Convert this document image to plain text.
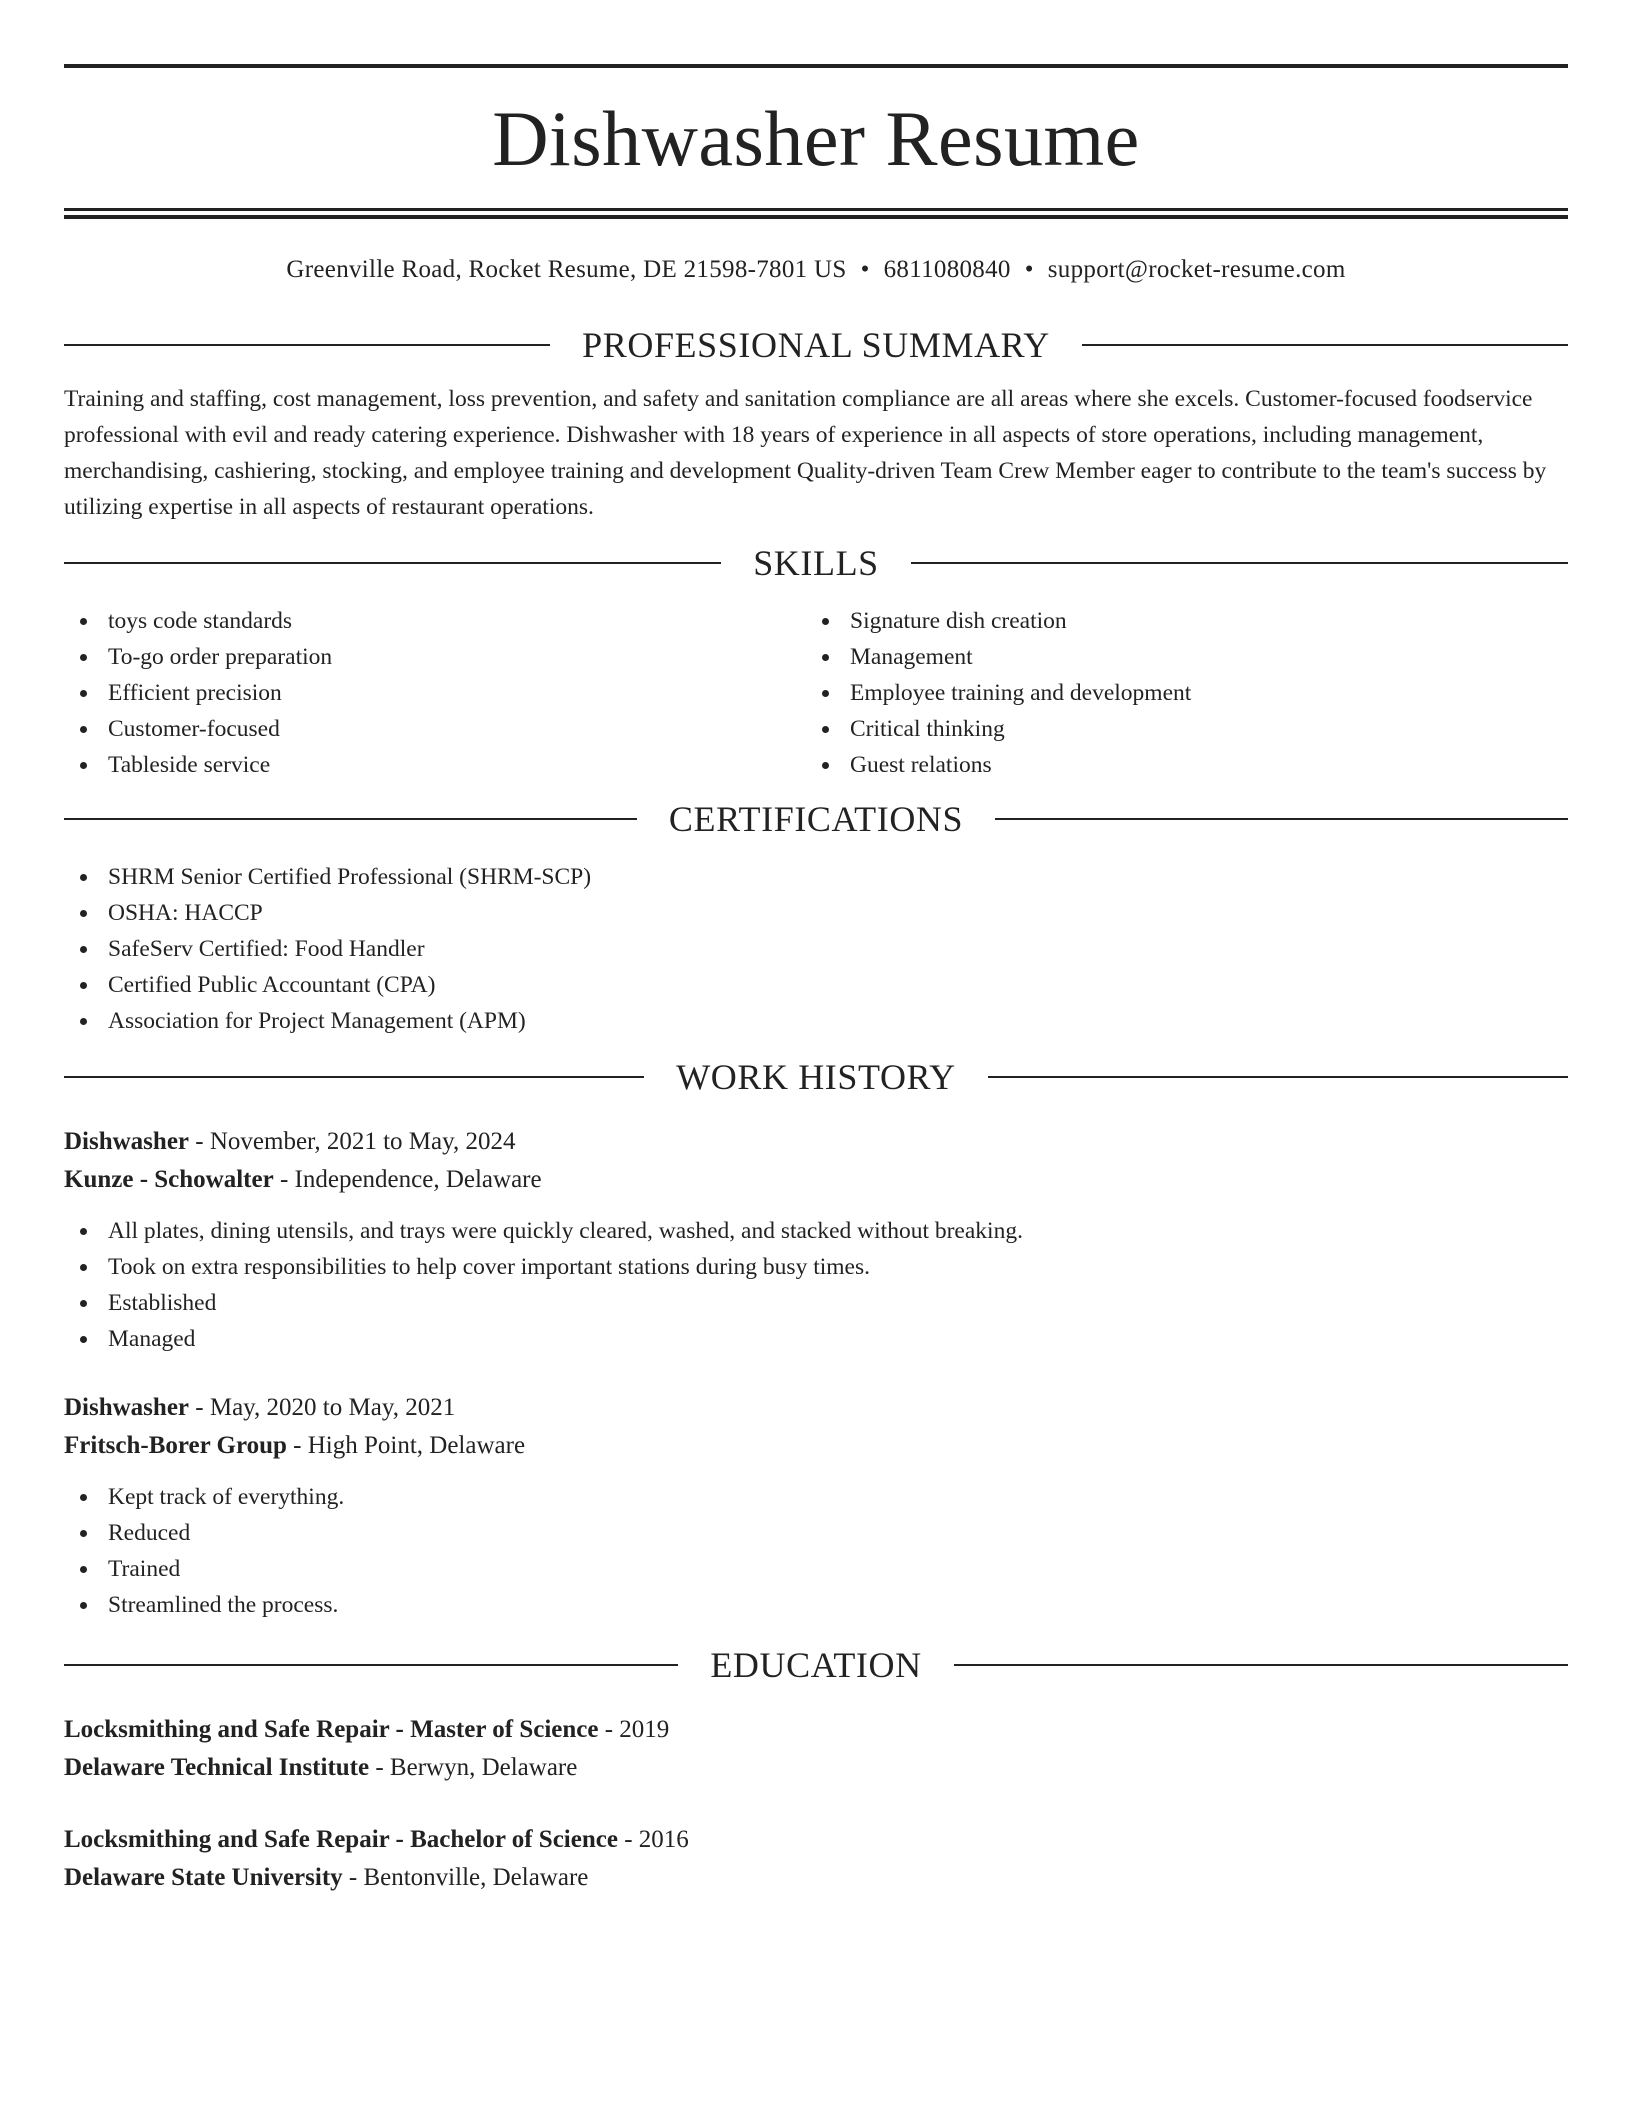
Dishwasher Resume
Greenville Road, Rocket Resume, DE 21598-7801 US • 6811080840 • support@rocket-resume.com
PROFESSIONAL SUMMARY

Training and staffing, cost management, loss prevention, and safety and sanitation compliance are all areas where she excels. Customer-focused foodservice professional with evil and ready catering experience. Dishwasher with 18 years of experience in all aspects of store operations, including management, merchandising, cashiering, stocking, and employee training and development Quality-driven Team Crew Member eager to contribute to the team's success by utilizing expertise in all aspects of restaurant operations.

SKILLS
toys code standards
To-go order preparation
Efficient precision
Customer-focused
Tableside service
Signature dish creation
Management
Employee training and development
Critical thinking
Guest relations
CERTIFICATIONS
SHRM Senior Certified Professional (SHRM-SCP)
OSHA: HACCP
SafeServ Certified: Food Handler
Certified Public Accountant (CPA)
Association for Project Management (APM)
WORK HISTORY
Dishwasher - November, 2021 to May, 2024
Kunze - Schowalter - Independence, Delaware
All plates, dining utensils, and trays were quickly cleared, washed, and stacked without breaking.
Took on extra responsibilities to help cover important stations during busy times.
Established
Managed
Dishwasher - May, 2020 to May, 2021
Fritsch-Borer Group - High Point, Delaware
Kept track of everything.
Reduced
Trained
Streamlined the process.
EDUCATION
Locksmithing and Safe Repair - Master of Science - 2019
Delaware Technical Institute - Berwyn, Delaware
Locksmithing and Safe Repair - Bachelor of Science - 2016
Delaware State University - Bentonville, Delaware
